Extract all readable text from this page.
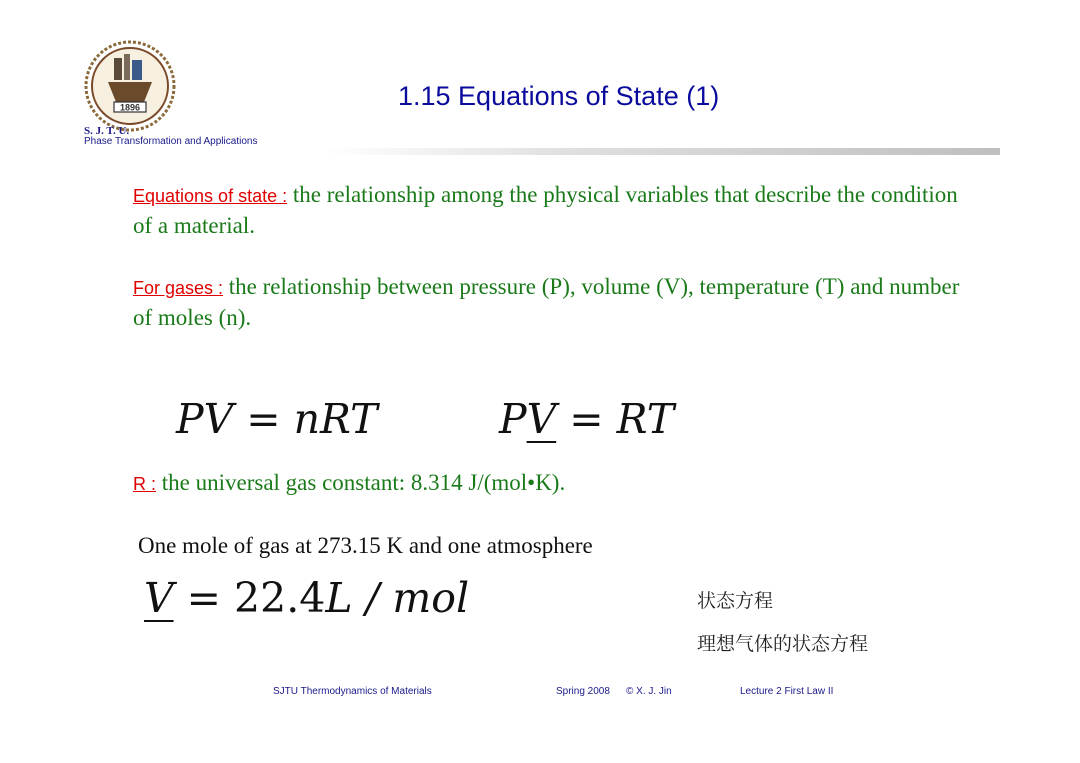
1896
S. J. T. U.
Phase Transformation and Applications
1.15 Equations of State (1)
Equations of state : the relationship among the physical variables that describe the condition of a material.
For gases : the relationship between pressure (P), volume (V), temperature (T) and number of moles (n).
PV = nRT	PV = RT
R : the universal gas constant: 8.314 J/(mol•K).
One mole of gas at 273.15 K and one atmosphere
V = 22.4L / mol	状态方程
理想气体的状态方程
SJTU Thermodynamics of Materials	Spring 2008 © X. J. Jin	Lecture 2 First Law II
